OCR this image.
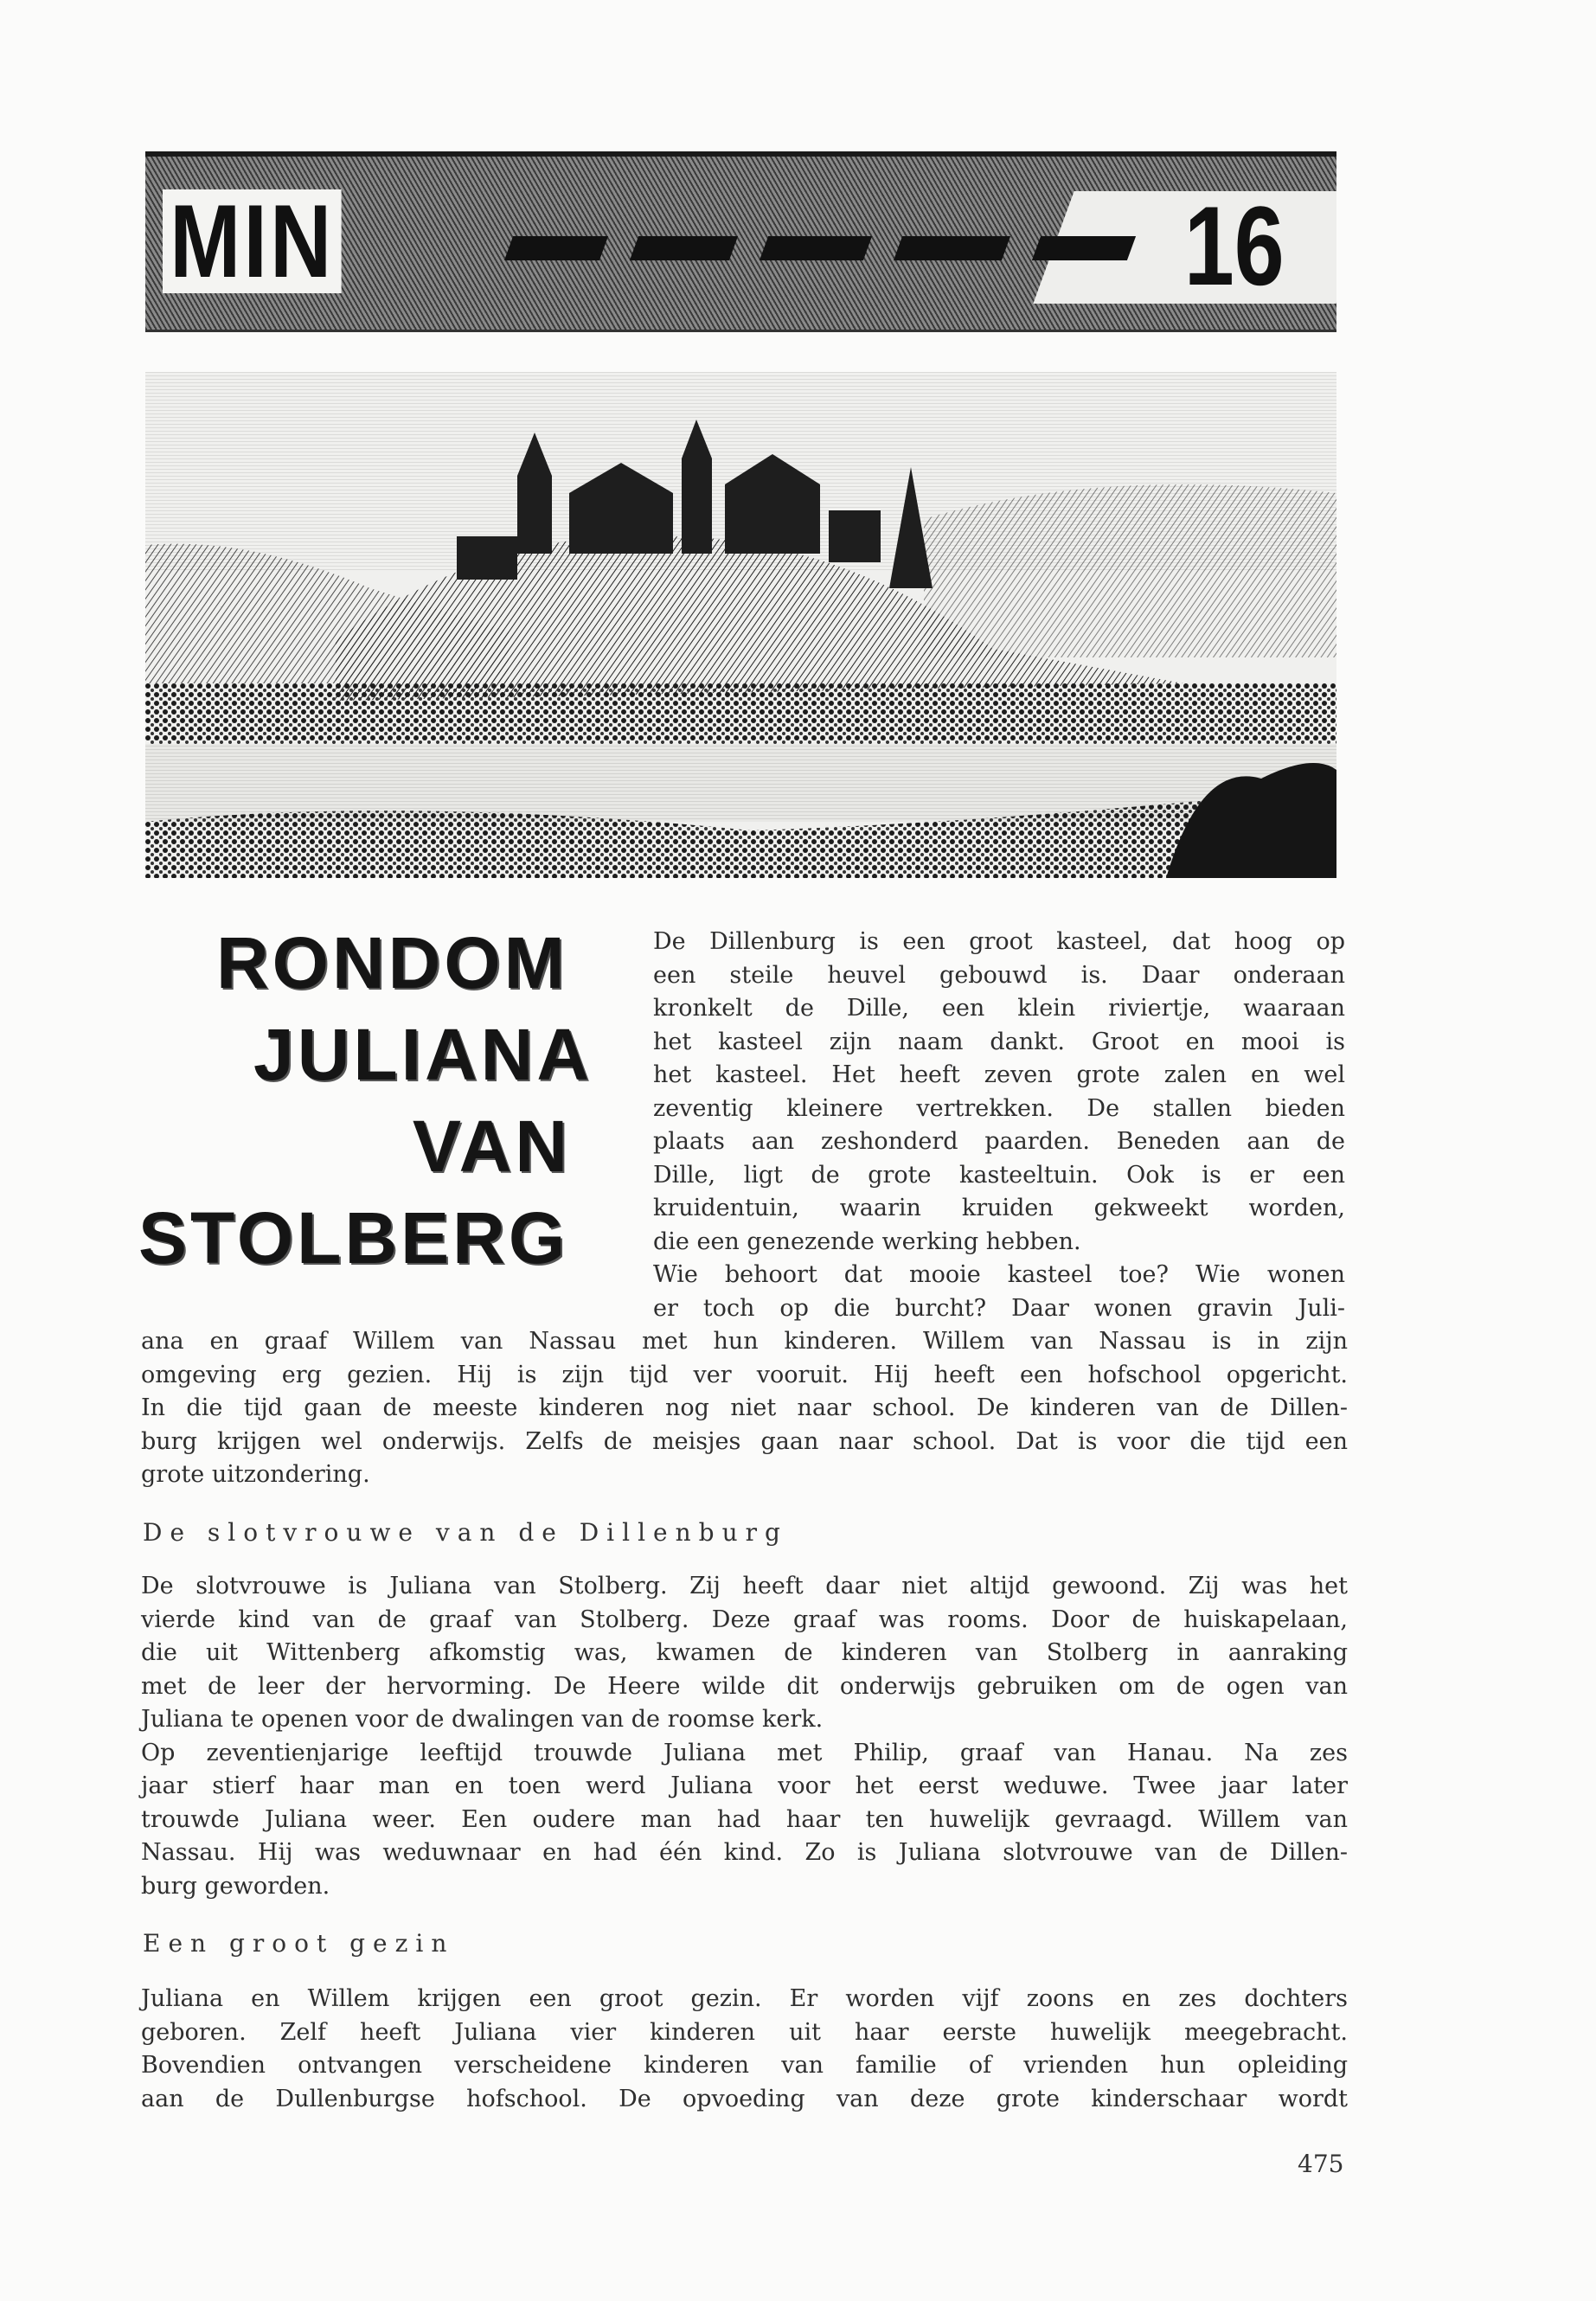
MIN	16
RONDOM
JULIANA
VAN
STOLBERG
De Dillenburg is een groot kasteel, dat hoog op
een steile heuvel gebouwd is. Daar onderaan
kronkelt de Dille, een klein riviertje, waaraan
het kasteel zijn naam dankt. Groot en mooi is
het kasteel. Het heeft zeven grote zalen en wel
zeventig kleinere vertrekken. De stallen bieden
plaats aan zeshonderd paarden. Beneden aan de
Dille, ligt de grote kasteeltuin. Ook is er een
kruidentuin, waarin kruiden gekweekt worden,
die een genezende werking hebben.
Wie behoort dat mooie kasteel toe? Wie wonen
er toch op die burcht? Daar wonen gravin Juli-
ana en graaf Willem van Nassau met hun kinderen. Willem van Nassau is in zijn
omgeving erg gezien. Hij is zijn tijd ver vooruit. Hij heeft een hofschool opgericht.
In die tijd gaan de meeste kinderen nog niet naar school. De kinderen van de Dillen-
burg krijgen wel onderwijs. Zelfs de meisjes gaan naar school. Dat is voor die tijd een
grote uitzondering.
De slotvrouwe van de Dillenburg
De slotvrouwe is Juliana van Stolberg. Zij heeft daar niet altijd gewoond. Zij was het
vierde kind van de graaf van Stolberg. Deze graaf was rooms. Door de huiskapelaan,
die uit Wittenberg afkomstig was, kwamen de kinderen van Stolberg in aanraking
met de leer der hervorming. De Heere wilde dit onderwijs gebruiken om de ogen van
Juliana te openen voor de dwalingen van de roomse kerk.
Op zeventienjarige leeftijd trouwde Juliana met Philip, graaf van Hanau. Na zes
jaar stierf haar man en toen werd Juliana voor het eerst weduwe. Twee jaar later
trouwde Juliana weer. Een oudere man had haar ten huwelijk gevraagd. Willem van
Nassau. Hij was weduwnaar en had één kind. Zo is Juliana slotvrouwe van de Dillen-
burg geworden.
Een groot gezin
Juliana en Willem krijgen een groot gezin. Er worden vijf zoons en zes dochters
geboren. Zelf heeft Juliana vier kinderen uit haar eerste huwelijk meegebracht.
Bovendien ontvangen verscheidene kinderen van familie of vrienden hun opleiding
aan de Dullenburgse hofschool. De opvoeding van deze grote kinderschaar wordt
475
